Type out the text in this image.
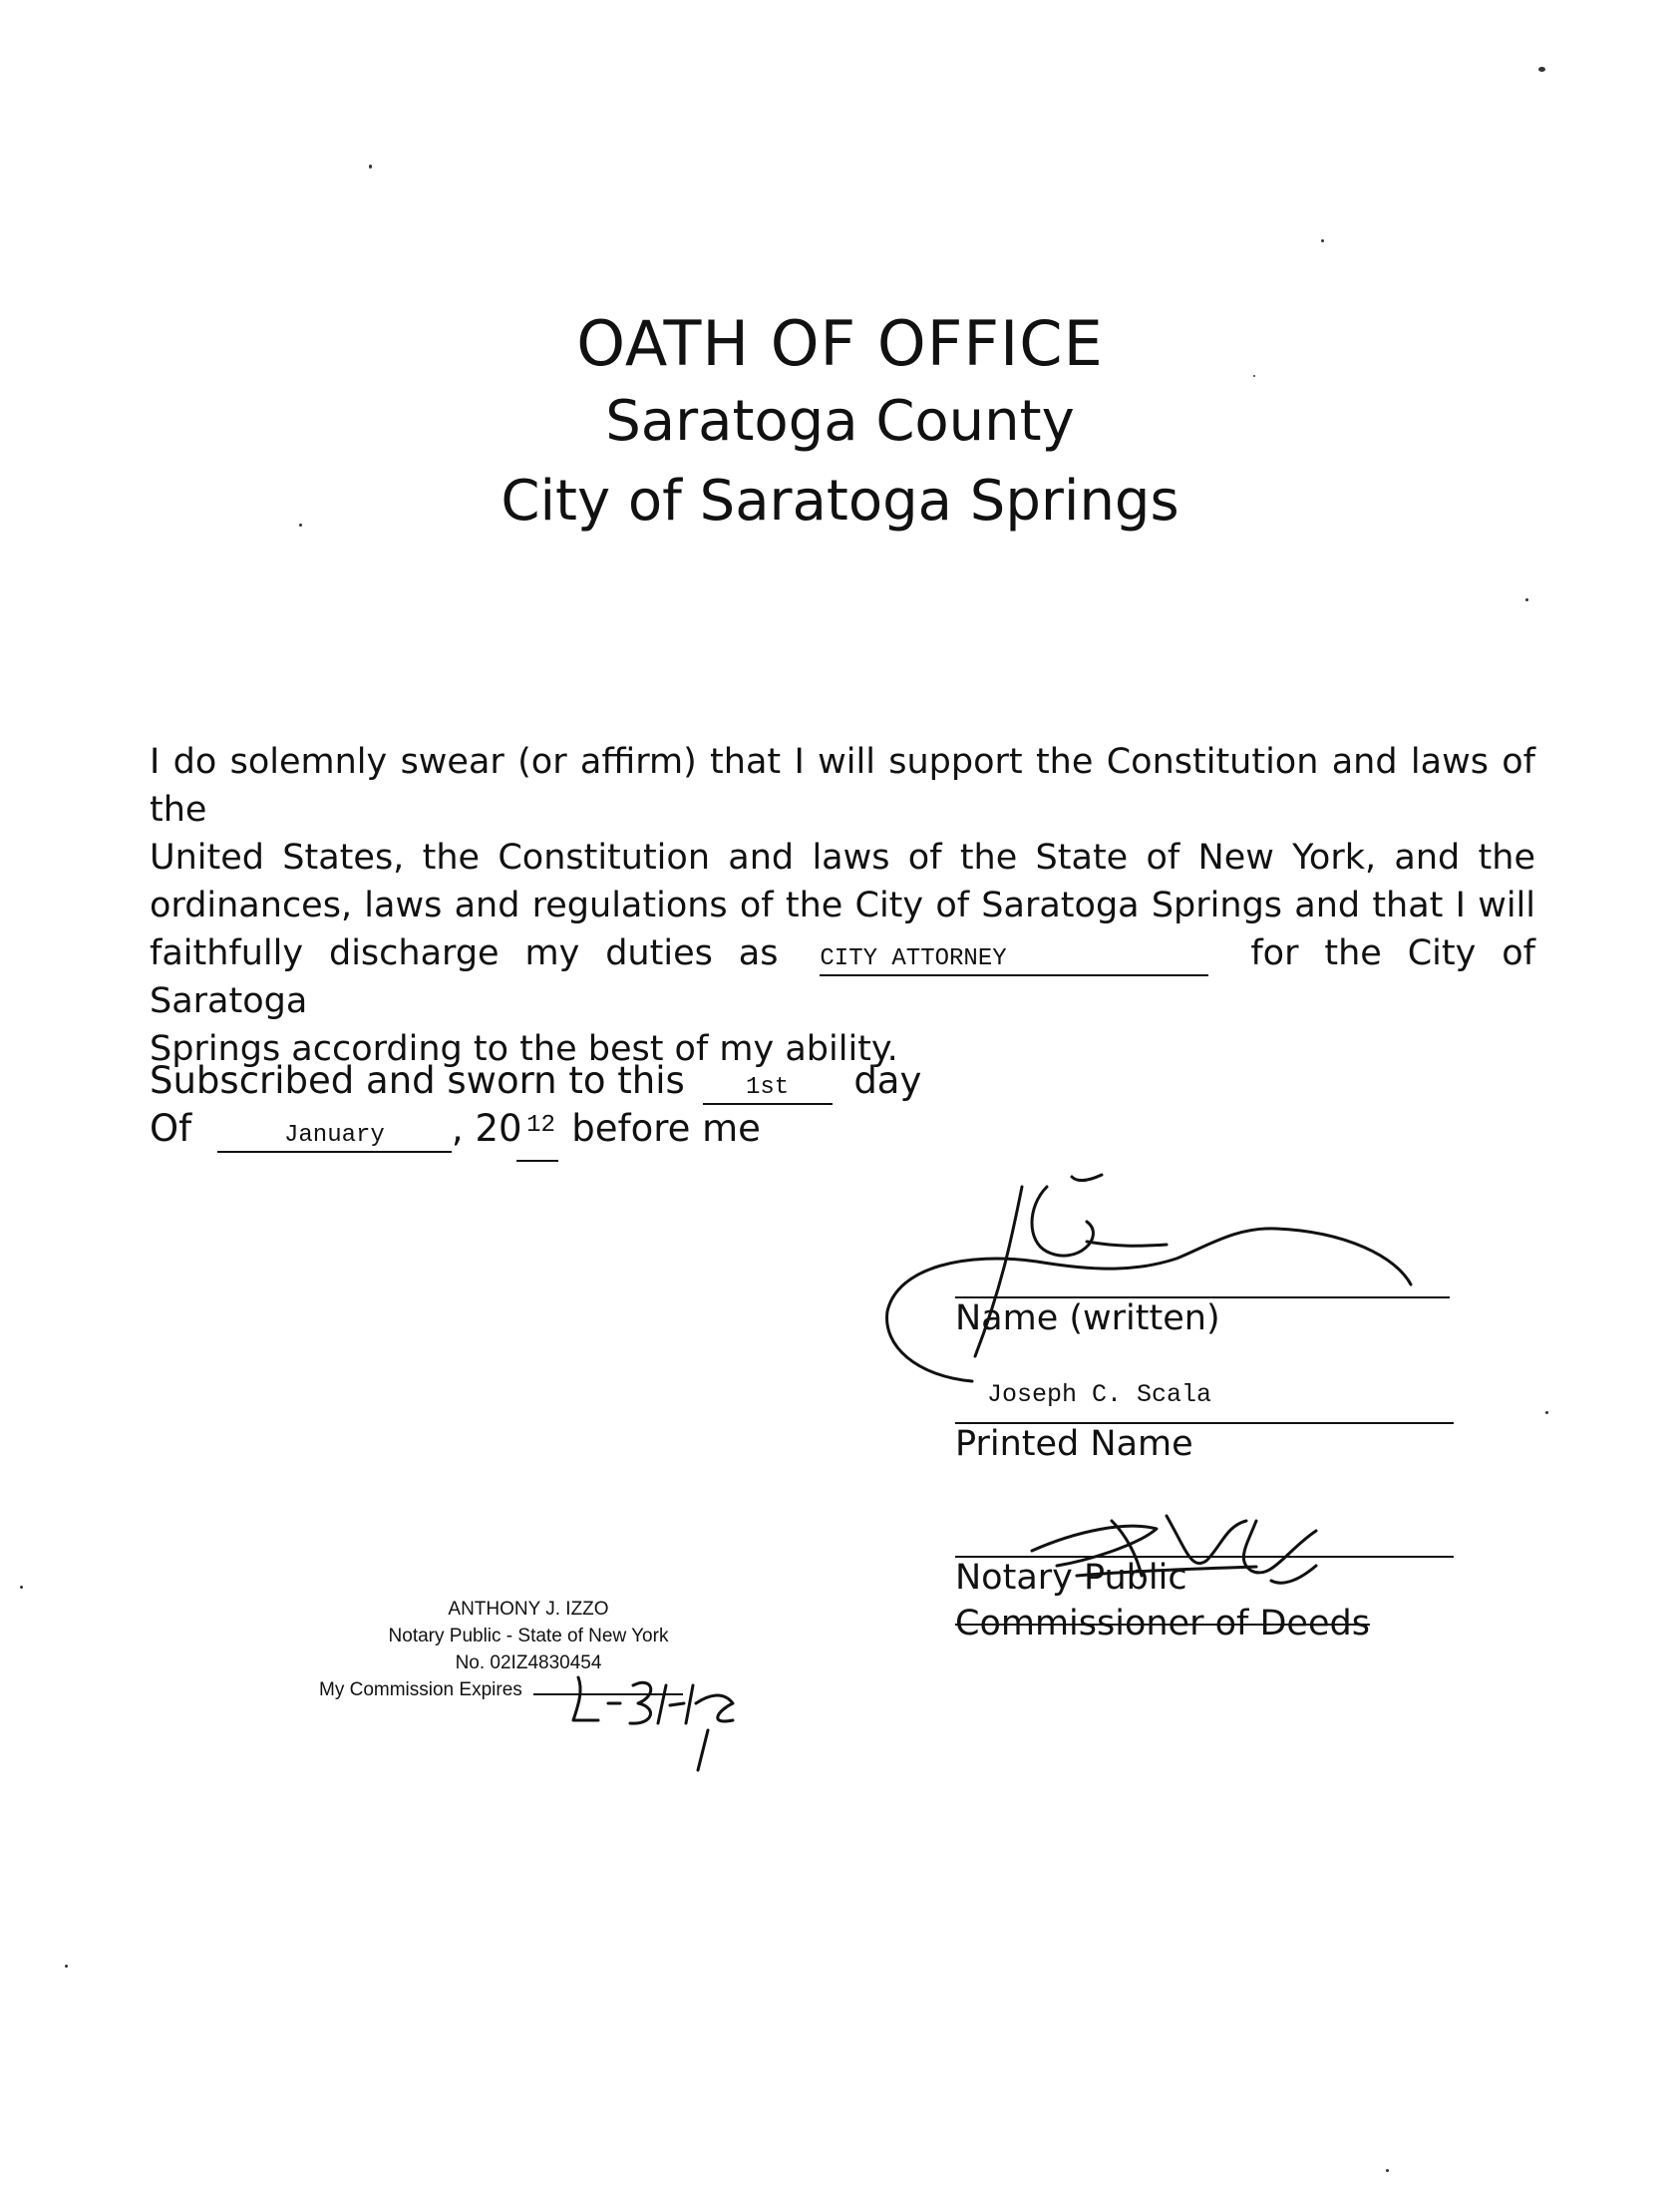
OATH OF OFFICE
Saratoga County
City of Saratoga Springs
I do solemnly swear (or affirm) that I will support the Constitution and laws of the
United States, the Constitution and laws of the State of New York, and the
ordinances, laws and regulations of the City of Saratoga Springs and that I will
faithfully discharge my duties as CITY ATTORNEY	for the City of Saratoga
Springs according to the best of my ability.
Subscribed and sworn to this	1st day
Of	January , 20 12 before me
Name (written)
Joseph C. Scala
Printed Name
Notary Public
Commissioner of Deeds
ANTHONY J. IZZO
Notary Public - State of New York
No. 02IZ4830454
My Commission Expires
